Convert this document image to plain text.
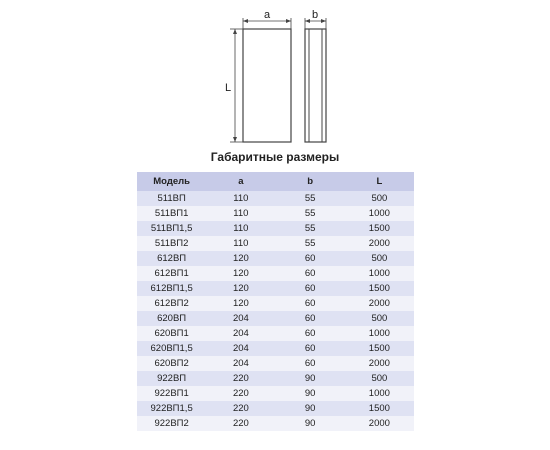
a	b
L
Габаритные размеры
Модель	a	b	L
511ВП	110	55	500
511ВП1	110	55	1000
511ВП1,5	110	55	1500
511ВП2	110	55	2000
612ВП	120	60	500
612ВП1	120	60	1000
612ВП1,5	120	60	1500
612ВП2	120	60	2000
620ВП	204	60	500
620ВП1	204	60	1000
620ВП1,5	204	60	1500
620ВП2	204	60	2000
922ВП	220	90	500
922ВП1	220	90	1000
922ВП1,5	220	90	1500
922ВП2	220	90	2000
